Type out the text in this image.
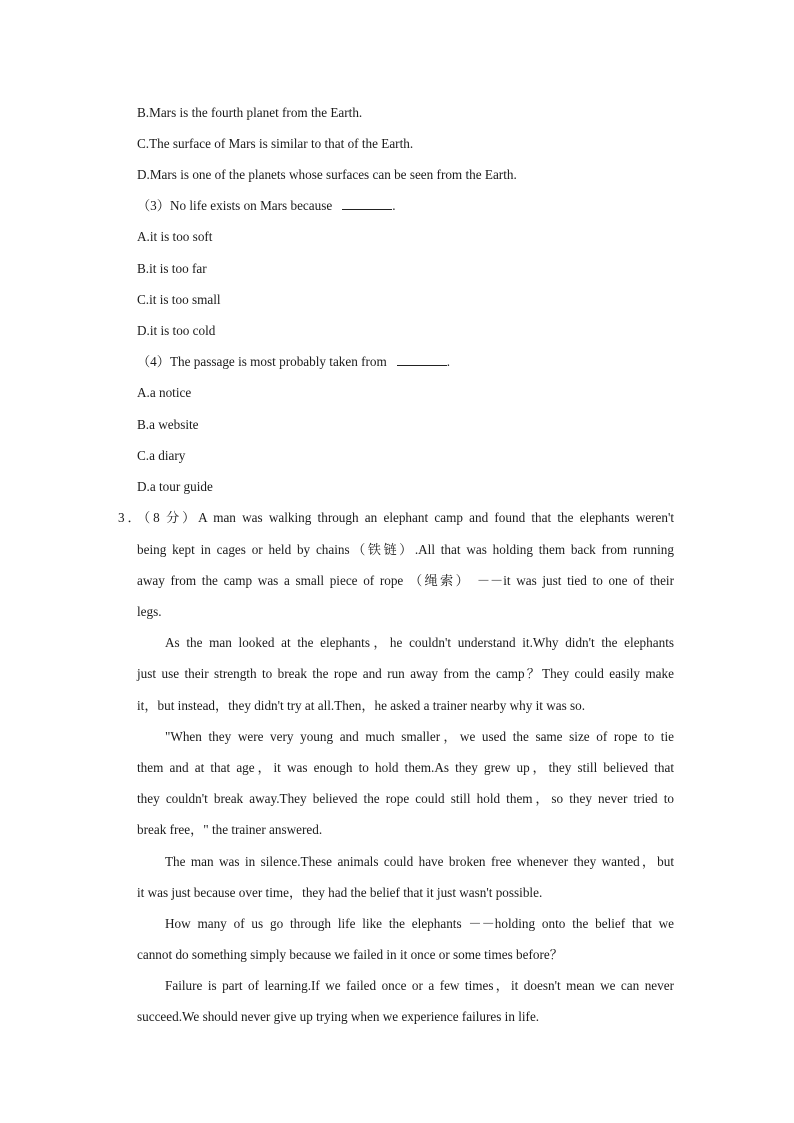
B.Mars is the fourth planet from the Earth.
C.The surface of Mars is similar to that of the Earth.
D.Mars is one of the planets whose surfaces can be seen from the Earth.
（3）No life exists on Mars because	.
A.it is too soft
B.it is too far
C.it is too small
D.it is too cold
（4）The passage is most probably taken from	.
A.a notice
B.a website
C.a diary
D.a tour guide
3．（8 分）A man was walking through an elephant camp and found that the elephants weren't
being kept in cages or held by chains（铁链）.All that was holding them back from running
away from the camp was a small piece of rope （绳索） －－it was just tied to one of their
legs.
As the man looked at the elephants，he couldn't understand it.Why didn't the elephants
just use their strength to break the rope and run away from the camp？They could easily make
it，but instead，they didn't try at all.Then，he asked a trainer nearby why it was so.
"When they were very young and much smaller，we used the same size of rope to tie
them and at that age，it was enough to hold them.As they grew up，they still believed that
they couldn't break away.They believed the rope could still hold them，so they never tried to
break free，" the trainer answered.
The man was in silence.These animals could have broken free whenever they wanted，but
it was just because over time，they had the belief that it just wasn't possible.
How many of us go through life like the elephants －－holding onto the belief that we
cannot do something simply because we failed in it once or some times before？
Failure is part of learning.If we failed once or a few times，it doesn't mean we can never
succeed.We should never give up trying when we experience failures in life.
